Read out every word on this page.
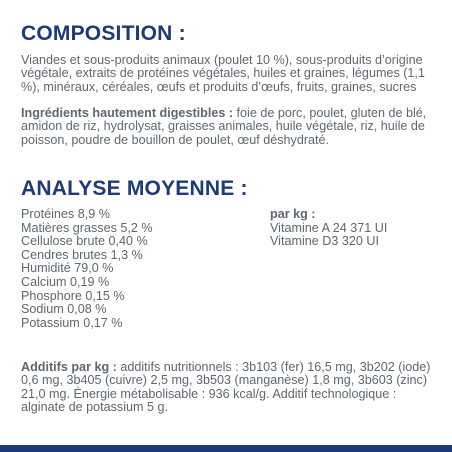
COMPOSITION :

Viandes et sous-produits animaux (poulet 10 %), sous-produits d’origine végétale, extraits de protéines végétales, huiles et graines, légumes (1,1 %), minéraux, céréales, œufs et produits d’œufs, fruits, graines, sucres

Ingrédients hautement digestibles : foie de porc, poulet, gluten de blé, amidon de riz, hydrolysat, graisses animales, huile végétale, riz, huile de poisson, poudre de bouillon de poulet, œuf déshydraté.

ANALYSE MOYENNE :
Protéines 8,9 %
Matières grasses 5,2 %
Cellulose brute 0,40 %
Cendres brutes 1,3 %
Humidité 79,0 %
Calcium 0,19 %
Phosphore 0,15 %
Sodium 0,08 %
Potassium 0,17 %
par kg :
Vitamine A 24 371 UI
Vitamine D3 320 UI

Additifs par kg : additifs nutritionnels : 3b103 (fer) 16,5 mg, 3b202 (iode) 0,6 mg, 3b405 (cuivre) 2,5 mg, 3b503 (manganèse) 1,8 mg, 3b603 (zinc) 21,0 mg. Énergie métabolisable : 936 kcal/g. Additif technologique : alginate de potassium 5 g.
